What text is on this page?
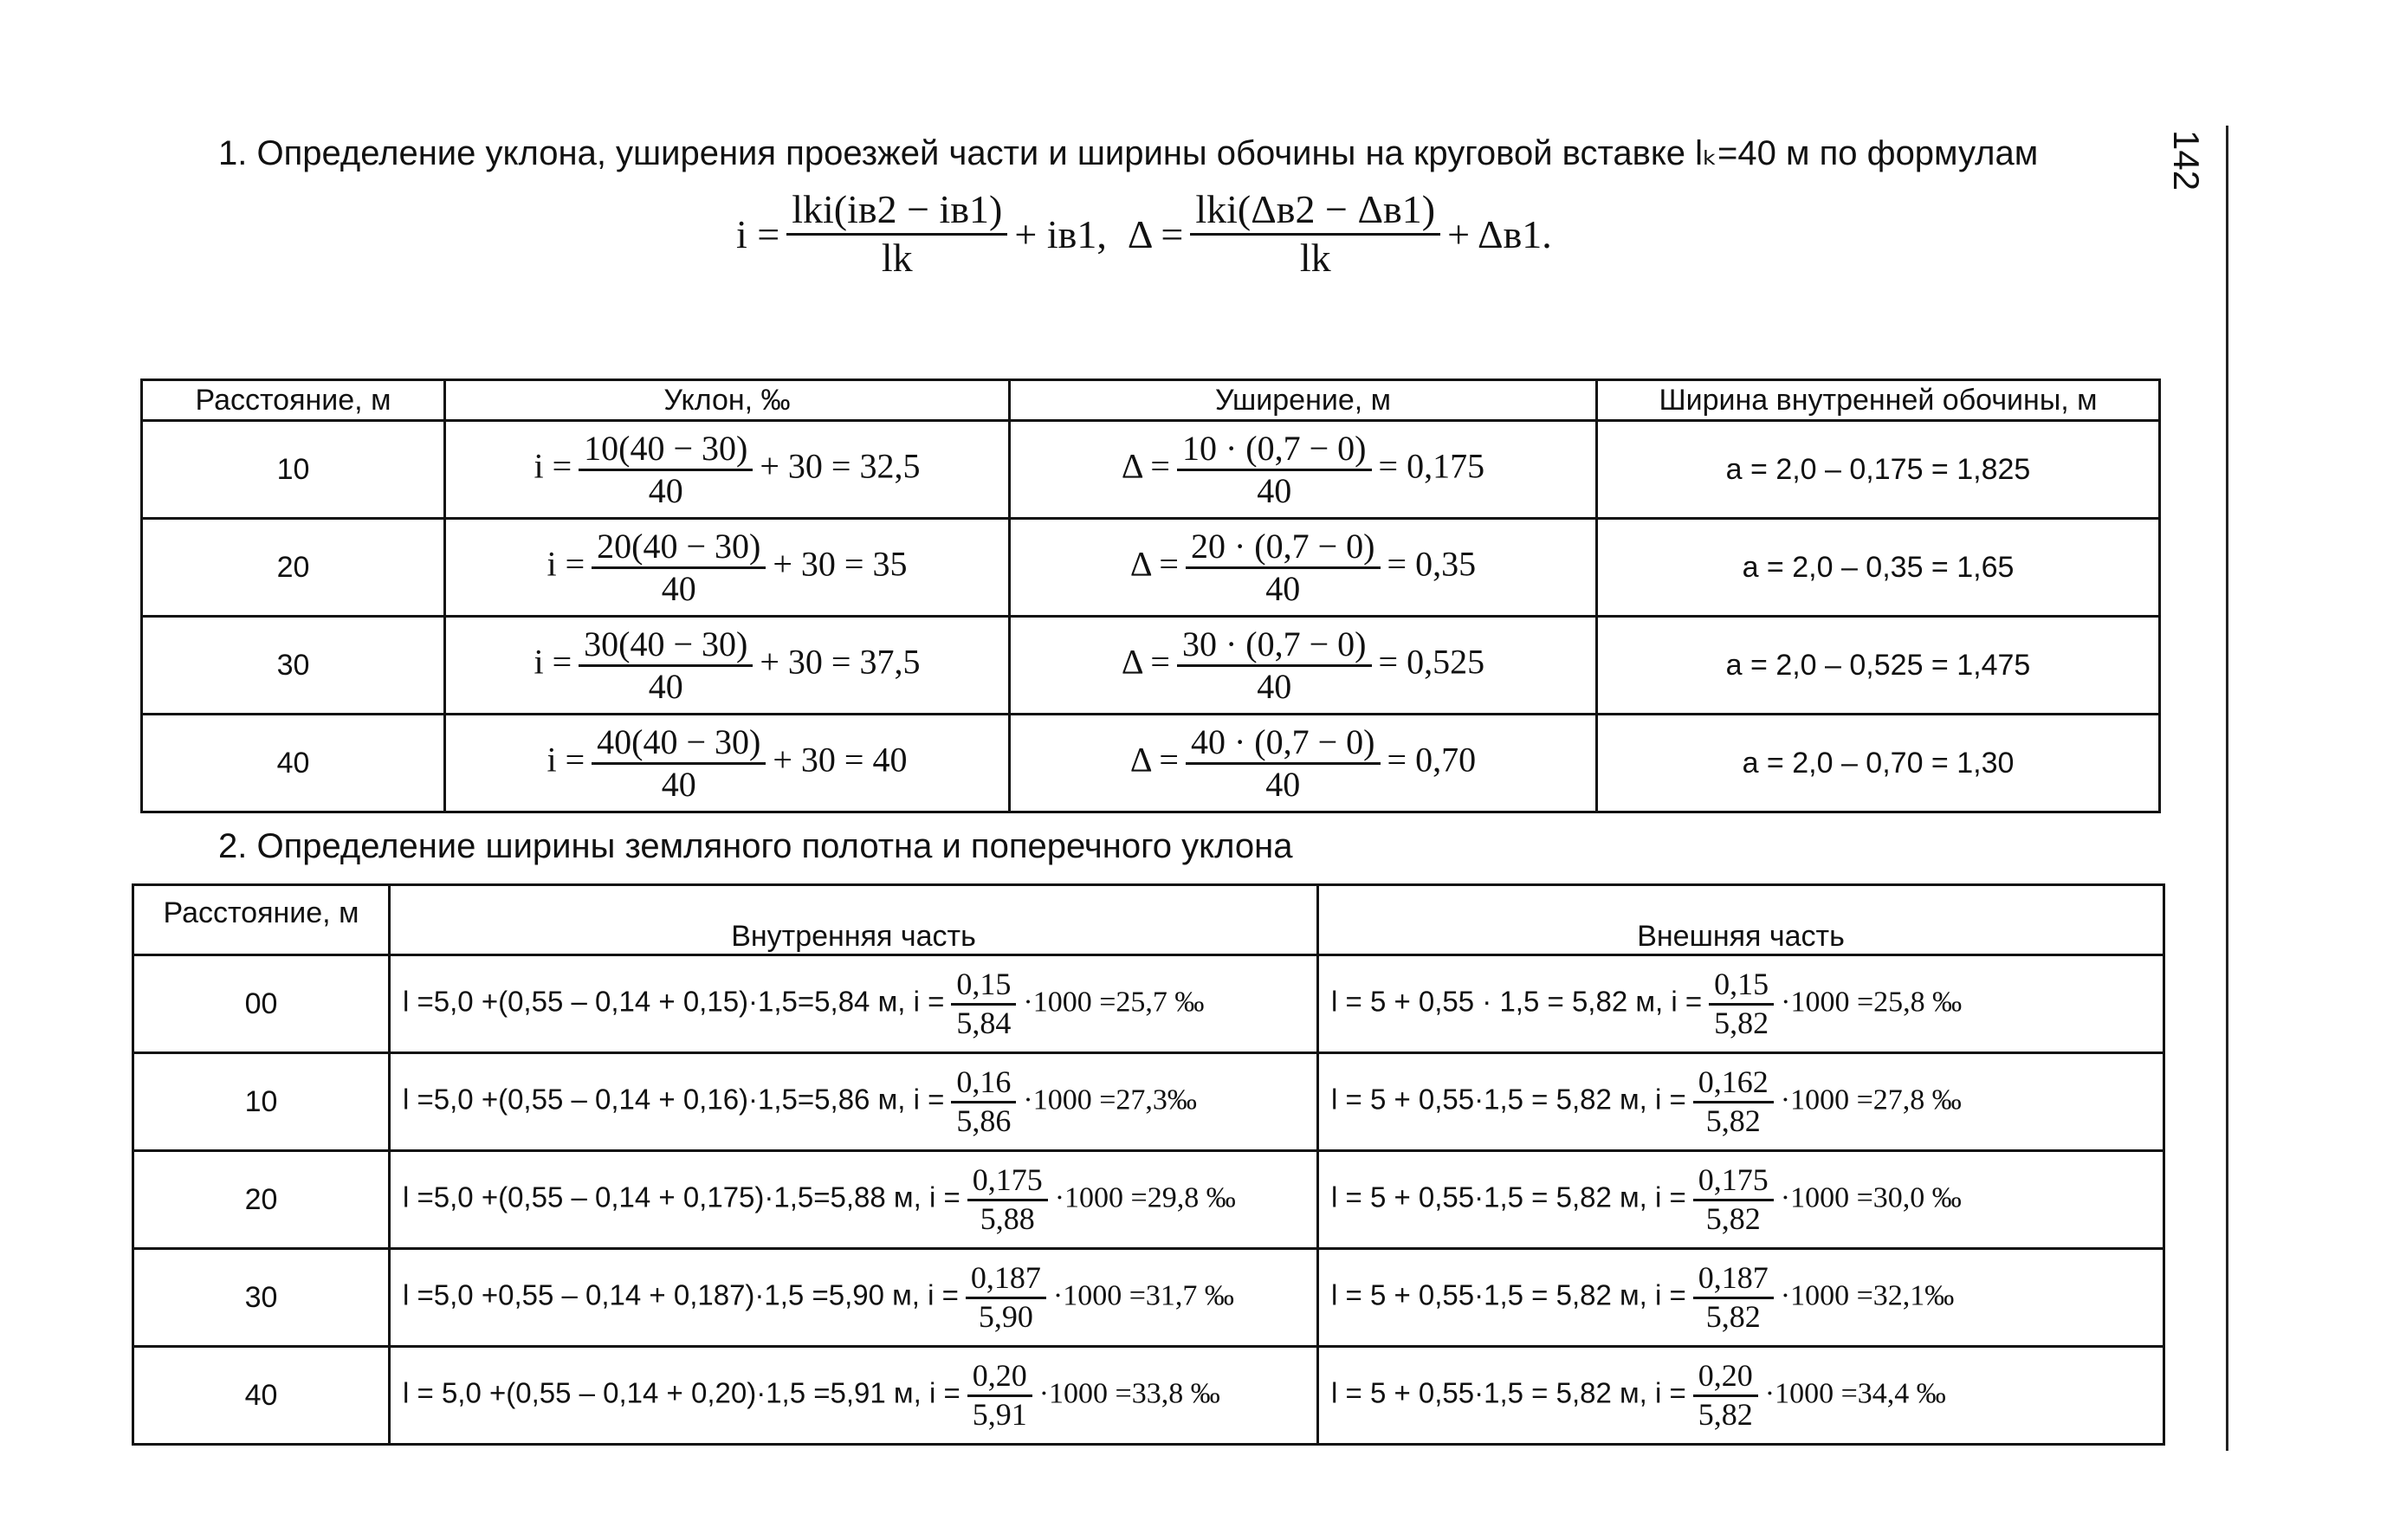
142
1. Определение уклона, уширения проезжей части и ширины обочины на круговой вставке lₖ=40 м по формулам
$i = \frac{\text{lki(iв2 − iв1)}}{lk} + iв1$, $\Delta = \frac{\text{lki(Δв2 − Δв1)}}{lk} + \Delta в1$.
Расстояние, м	Уклон, ‰	Уширение, м	Ширина внутренней обочины, м
10	$i = \frac{10(40 - 30)}{40} + 30 = 32,5$	$\Delta = \frac{10 \cdot (0,7 - 0)}{40} = 0,175$	a = 2,0 – 0,175 = 1,825
20	$i = \frac{20(40 - 30)}{40} + 30 = 35$	$\Delta = \frac{20 \cdot (0,7 - 0)}{40} = 0,35$	a = 2,0 – 0,35 = 1,65
30	$i = \frac{30(40 - 30)}{40} + 30 = 37,5$	$\Delta = \frac{30 \cdot (0,7 - 0)}{40} = 0,525$	a = 2,0 – 0,525 = 1,475
40	$i = \frac{40(40 - 30)}{40} + 30 = 40$	$\Delta = \frac{40 \cdot (0,7 - 0)}{40} = 0,70$	a = 2,0 – 0,70 = 1,30
2. Определение ширины земляного полотна и поперечного уклона
Расстояние, м	Внутренняя часть	Внешняя часть
00	l =5,0 +(0,55 – 0,14 + 0,15)·1,5=5,84 м, $i = \frac{0,15}{5,84} \cdot 1000 =25,7$ ‰	l = 5 + 0,55 · 1,5 = 5,82 м, $i = \frac{0,15}{5,82} \cdot 1000 =25,8$ ‰
10	l =5,0 +(0,55 – 0,14 + 0,16)·1,5=5,86 м, $i = \frac{0,16}{5,86} \cdot 1000$ =27,3‰	l = 5 + 0,55·1,5 = 5,82 м, $i = \frac{0,162}{5,82} \cdot 1000 =27,8$ ‰
20	l =5,0 +(0,55 – 0,14 + 0,175)·1,5=5,88 м, $i = \frac{0,175}{5,88} \cdot 1000 =29,8$ ‰	l = 5 + 0,55·1,5 = 5,82 м, $i = \frac{0,175}{5,82} \cdot 1000 =30,0$ ‰
30	l =5,0 +0,55 – 0,14 + 0,187)·1,5 =5,90 м, $i = \frac{0,187}{5,90} \cdot 1000 =31,7$ ‰	l = 5 + 0,55·1,5 = 5,82 м, $i = \frac{0,187}{5,82} \cdot 1000$ =32,1‰
40	l = 5,0 +(0,55 – 0,14 + 0,20)·1,5 =5,91 м, $i = \frac{0,20}{5,91} \cdot 1000 =33,8$ ‰	l = 5 + 0,55·1,5 = 5,82 м, $i = \frac{0,20}{5,82} \cdot 1000 =34,4$ ‰
